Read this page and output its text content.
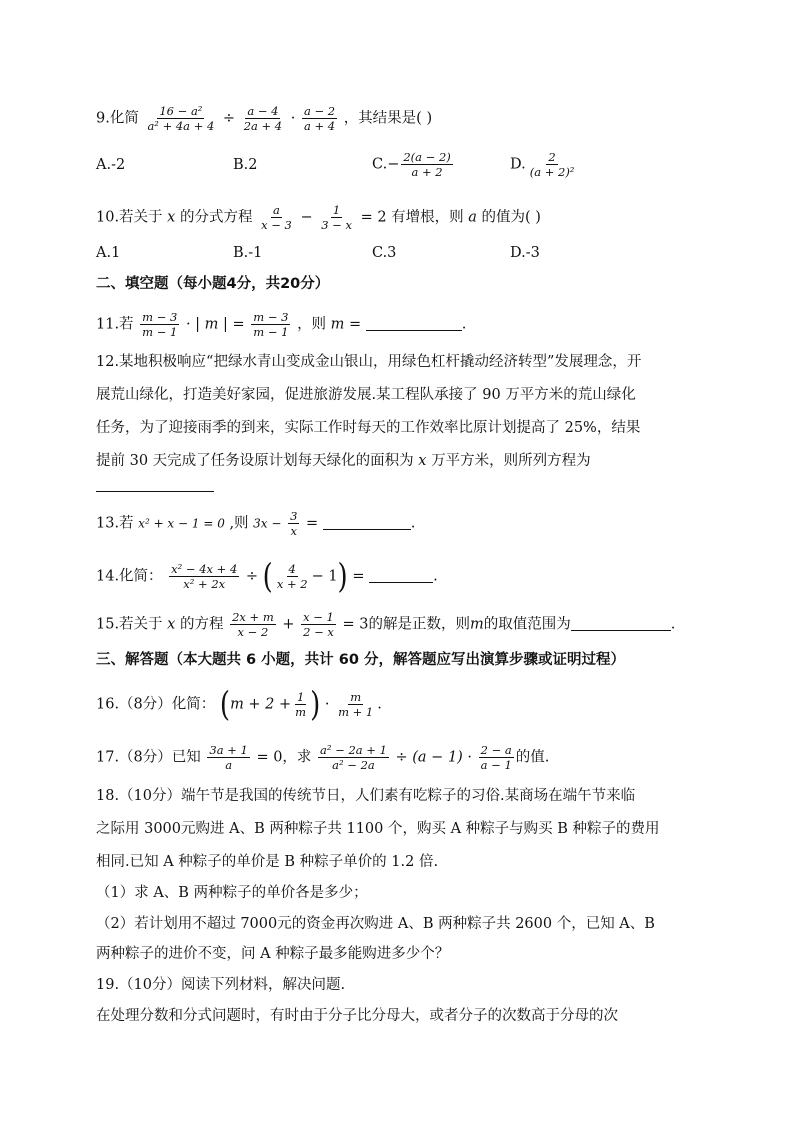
9.化简 $\frac{\text{16 − a²}}{\text{a² + 4a + 4}} \div \frac{a - 4}{2a + 4} \cdot \frac{a - 2}{a + 4}$ ，其结果是( )
A.-2	B.2	$C.- \frac{2(a - 2)}{a + 2}$	D. $\frac{2}{\text{(a + 2)²}}$
10.若关于 x 的分式方程 $\frac{a}{x - 3} - \frac{1}{3 - x} = 2$ 有增根，则 a 的值为( )
A.1	B.-1	C.3	D.-3
二、填空题（每小题4分，共20分）
11.若 $\frac{m - 3}{m - 1}$ · | m | = $\frac{m - 3}{m - 1}$ ，则 m =	.
12.某地积极响应“把绿水青山变成金山银山，用绿色杠杆撬动经济转型”发展理念，开
展荒山绿化，打造美好家园，促进旅游发展.某工程队承接了 90 万平方米的荒山绿化
任务，为了迎接雨季的到来，实际工作时每天的工作效率比原计划提高了 25%，结果
提前 30 天完成了任务设原计划每天绿化的面积为 x 万平方米，则所列方程为
13.若 x² + x − 1 = 0 ,则 $3x - \frac{3}{x}$ =	.
14.化简： $\frac{\text{x² − 4x + 4}}{\text{x² + 2x}}$ ÷ ( $\frac{4}{x + 2} - 1$) =	.
15.若关于 x 的方程 $\frac{2x + m}{x - 2} + \frac{x - 1}{2 - x} = 3$的解是正数，则m的取值范围为	.
三、解答题（本大题共 6 小题，共计 60 分，解答题应写出演算步骤或证明过程）
16.（8分）化简： ($m + 2 + \frac{1}{m}$ ) · $\frac{m}{m + 1}$ .
17.（8分）已知 $\frac{3a + 1}{a} = 0$，求 $\frac{\text{a² − 2a + 1}}{\text{a² − 2a}} \div (a - 1) \cdot \frac{2 - a}{a - 1}$ 的值.
18.（10分）端午节是我国的传统节日，人们素有吃粽子的习俗.某商场在端午节来临
之际用 3000元购进 A、B 两种粽子共 1100 个，购买 A 种粽子与购买 B 种粽子的费用
相同.已知 A 种粽子的单价是 B 种粽子单价的 1.2 倍.
（1）求 A、B 两种粽子的单价各是多少；
（2）若计划用不超过 7000元的资金再次购进 A、B 两种粽子共 2600 个，已知 A、B
两种粽子的进价不变，问 A 种粽子最多能购进多少个？
19.（10分）阅读下列材料，解决问题.
在处理分数和分式问题时，有时由于分子比分母大，或者分子的次数高于分母的次
